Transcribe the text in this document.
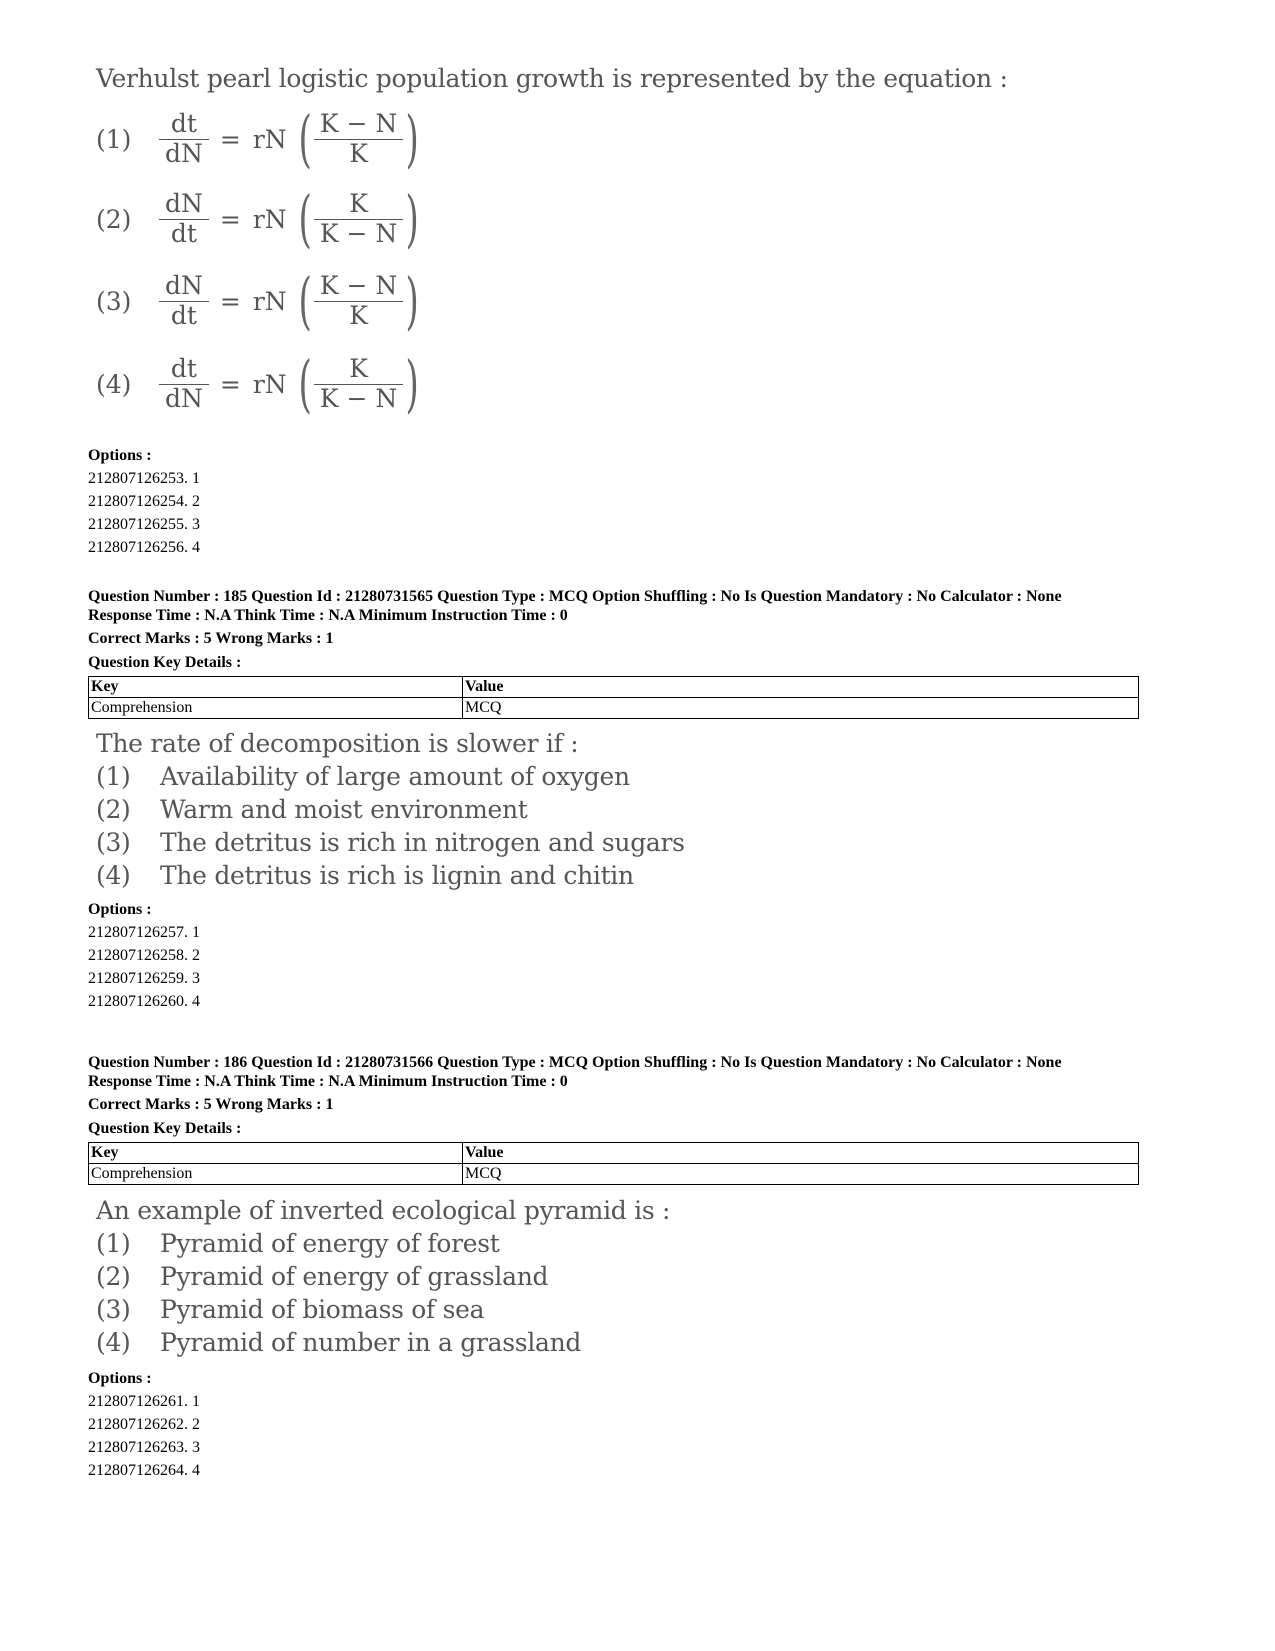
Verhulst pearl logistic population growth is represented by the equation :
(1)	$\frac{dt}{dN}$ = rN ( $\frac{K - N}{K}$ )
(2)	$\frac{dN}{dt}$ = rN ( $\frac{K}{K - N}$ )
(3)	$\frac{dN}{dt}$ = rN ( $\frac{K - N}{K}$ )
(4)	$\frac{dt}{dN}$ = rN ( $\frac{K}{K - N}$ )
Options :
212807126253. 1
212807126254. 2
212807126255. 3
212807126256. 4
Question Number : 185 Question Id : 21280731565 Question Type : MCQ Option Shuffling : No Is Question Mandatory : No Calculator : None
Response Time : N.A Think Time : N.A Minimum Instruction Time : 0
Correct Marks : 5 Wrong Marks : 1
Question Key Details :
Key	Value
Comprehension	MCQ
The rate of decomposition is slower if :
(1) Availability of large amount of oxygen
(2) Warm and moist environment
(3) The detritus is rich in nitrogen and sugars
(4) The detritus is rich is lignin and chitin
Options :
212807126257. 1
212807126258. 2
212807126259. 3
212807126260. 4
Question Number : 186 Question Id : 21280731566 Question Type : MCQ Option Shuffling : No Is Question Mandatory : No Calculator : None
Response Time : N.A Think Time : N.A Minimum Instruction Time : 0
Correct Marks : 5 Wrong Marks : 1
Question Key Details :
Key	Value
Comprehension	MCQ
An example of inverted ecological pyramid is :
(1) Pyramid of energy of forest
(2) Pyramid of energy of grassland
(3) Pyramid of biomass of sea
(4) Pyramid of number in a grassland
Options :
212807126261. 1
212807126262. 2
212807126263. 3
212807126264. 4
